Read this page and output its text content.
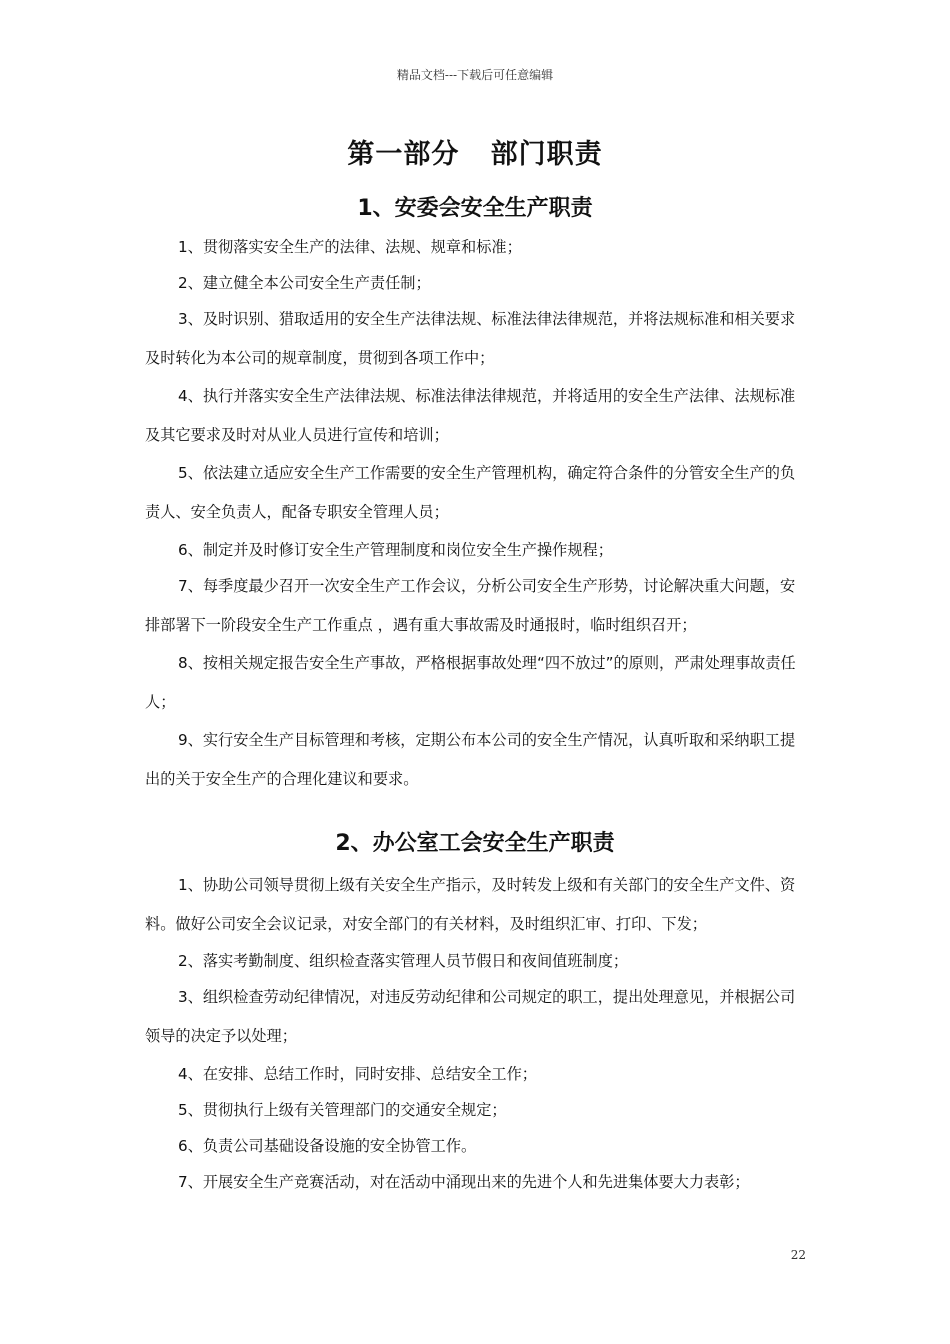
精品文档---下载后可任意编辑
第一部分   部门职责
1、安委会安全生产职责

1、贯彻落实安全生产的法律、法规、规章和标准；

2、建立健全本公司安全生产责任制；

3、及时识别、猎取适用的安全生产法律法规、标准法律法律规范，并将法规标准和相关要求及时转化为本公司的规章制度，贯彻到各项工作中；

4、执行并落实安全生产法律法规、标准法律法律规范，并将适用的安全生产法律、法规标准及其它要求及时对从业人员进行宣传和培训；

5、依法建立适应安全生产工作需要的安全生产管理机构，确定符合条件的分管安全生产的负责人、安全负责人，配备专职安全管理人员；

6、制定并及时修订安全生产管理制度和岗位安全生产操作规程；

7、每季度最少召开一次安全生产工作会议，分析公司安全生产形势，讨论解决重大问题，安排部署下一阶段安全生产工作重点 ，遇有重大事故需及时通报时，临时组织召开；

8、按相关规定报告安全生产事故，严格根据事故处理“四不放过”的原则，严肃处理事故责任人；

9、实行安全生产目标管理和考核，定期公布本公司的安全生产情况，认真听取和采纳职工提出的关于安全生产的合理化建议和要求。

2、办公室工会安全生产职责

1、协助公司领导贯彻上级有关安全生产指示，及时转发上级和有关部门的安全生产文件、资料。做好公司安全会议记录，对安全部门的有关材料，及时组织汇审、打印、下发；

2、落实考勤制度、组织检查落实管理人员节假日和夜间值班制度；

3、组织检查劳动纪律情况，对违反劳动纪律和公司规定的职工，提出处理意见，并根据公司领导的决定予以处理；

4、在安排、总结工作时，同时安排、总结安全工作；

5、贯彻执行上级有关管理部门的交通安全规定；

6、负责公司基础设备设施的安全协管工作。

7、开展安全生产竞赛活动，对在活动中涌现出来的先进个人和先进集体要大力表彰；

22
